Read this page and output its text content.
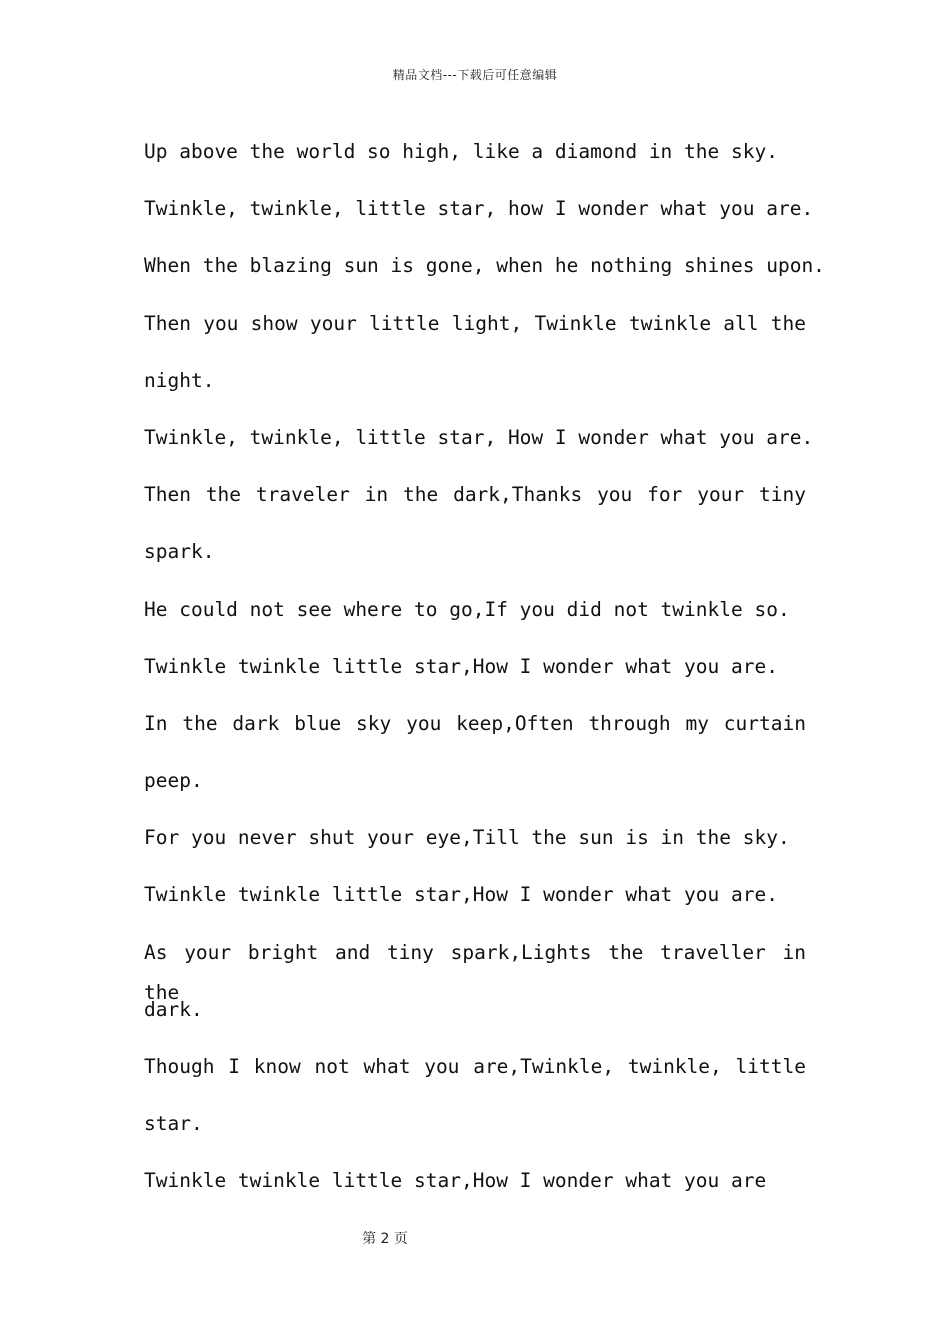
精品文档---下载后可任意编辑
Up above the world so high, like a diamond in the sky.
Twinkle, twinkle, little star, how I wonder what you are.
When the blazing sun is gone, when he nothing shines upon.
Then you show your little light, Twinkle twinkle all the
night.
Twinkle, twinkle, little star, How I wonder what you are.
Then the traveler in the dark,Thanks you for your tiny
spark.
He could not see where to go,If you did not twinkle so.
Twinkle twinkle little star,How I wonder what you are.
In the dark blue sky you keep,Often through my curtain
peep.
For you never shut your eye,Till the sun is in the sky.
Twinkle twinkle little star,How I wonder what you are.
As your bright and tiny spark,Lights the traveller in the
dark.
Though I know not what you are,Twinkle, twinkle, little
star.
Twinkle twinkle little star,How I wonder what you are
第 2 页
